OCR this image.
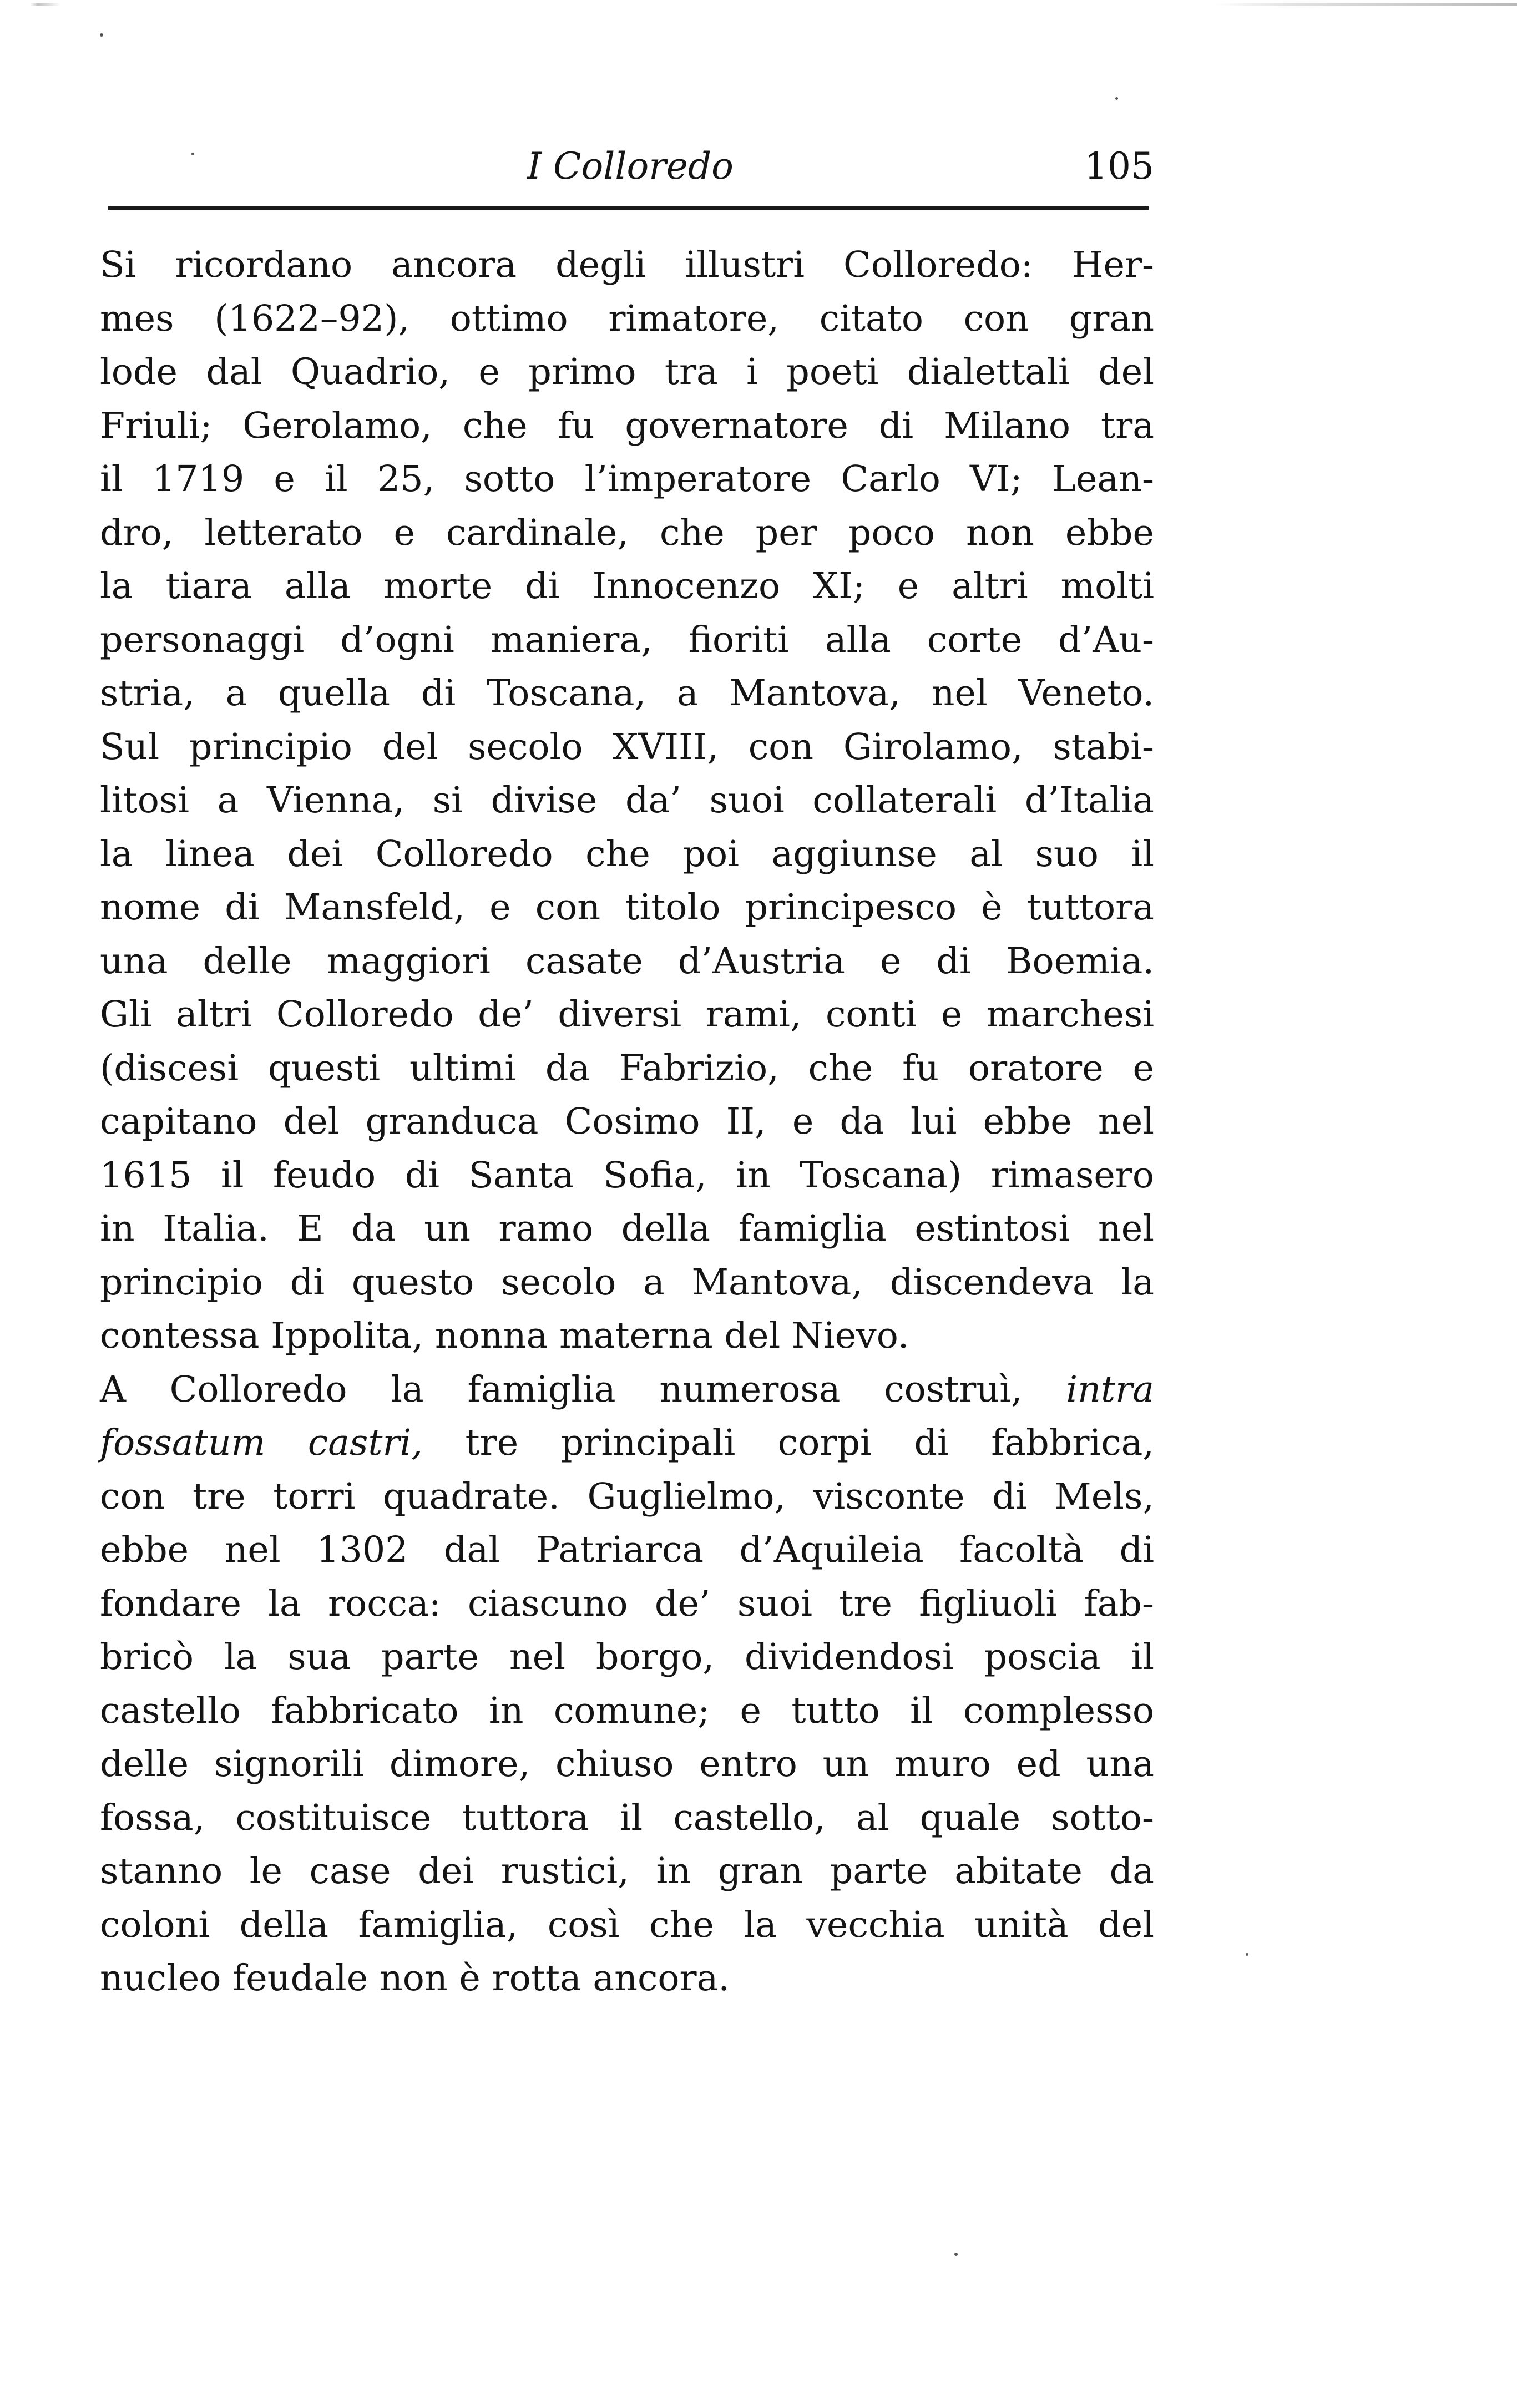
I Colloredo	105
Si ricordano ancora degli illustri Colloredo: Her-
mes (1622–92), ottimo rimatore, citato con gran
lode dal Quadrio, e primo tra i poeti dialettali del
Friuli; Gerolamo, che fu governatore di Milano tra
il 1719 e il 25, sotto l’imperatore Carlo VI; Lean-
dro, letterato e cardinale, che per poco non ebbe
la tiara alla morte di Innocenzo XI; e altri molti
personaggi d’ogni maniera, fioriti alla corte d’Au-
stria, a quella di Toscana, a Mantova, nel Veneto.
Sul principio del secolo XVIII, con Girolamo, stabi-
litosi a Vienna, si divise da’ suoi collaterali d’Italia
la linea dei Colloredo che poi aggiunse al suo il
nome di Mansfeld, e con titolo principesco è tuttora
una delle maggiori casate d’Austria e di Boemia.
Gli altri Colloredo de’ diversi rami, conti e marchesi
(discesi questi ultimi da Fabrizio, che fu oratore e
capitano del granduca Cosimo II, e da lui ebbe nel
1615 il feudo di Santa Sofia, in Toscana) rimasero
in Italia. E da un ramo della famiglia estintosi nel
principio di questo secolo a Mantova, discendeva la
contessa Ippolita, nonna materna del Nievo.
A Colloredo la famiglia numerosa costruì, intra
fossatum castri, tre principali corpi di fabbrica,
con tre torri quadrate. Guglielmo, visconte di Mels,
ebbe nel 1302 dal Patriarca d’Aquileia facoltà di
fondare la rocca: ciascuno de’ suoi tre figliuoli fab-
bricò la sua parte nel borgo, dividendosi poscia il
castello fabbricato in comune; e tutto il complesso
delle signorili dimore, chiuso entro un muro ed una
fossa, costituisce tuttora il castello, al quale sotto-
stanno le case dei rustici, in gran parte abitate da
coloni della famiglia, così che la vecchia unità del
nucleo feudale non è rotta ancora.
